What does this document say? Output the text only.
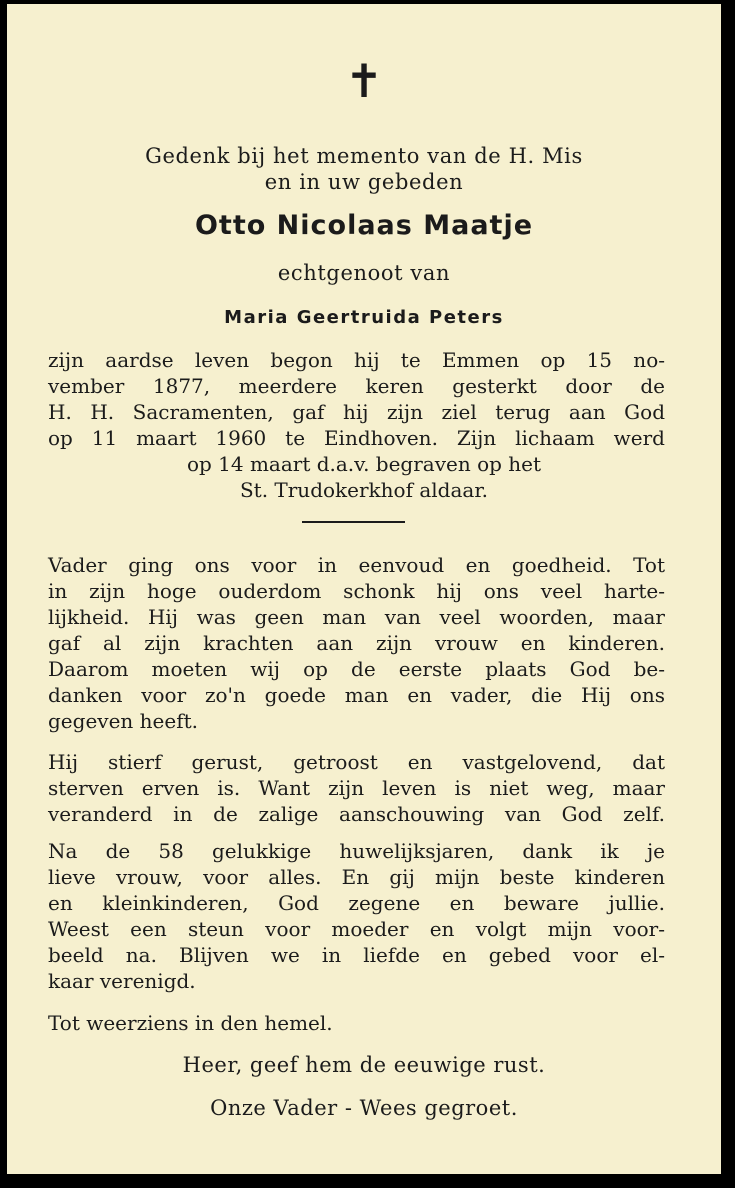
✝
Gedenk bij het memento van de H. Mis
en in uw gebeden
Otto Nicolaas Maatje
echtgenoot van
Maria Geertruida Peters
zijn aardse leven begon hij te Emmen op 15 no-
vember 1877, meerdere keren gesterkt door de
H. H. Sacramenten, gaf hij zijn ziel terug aan God
op 11 maart 1960 te Eindhoven. Zijn lichaam werd
op 14 maart d.a.v. begraven op het
St. Trudokerkhof aldaar.
Vader ging ons voor in eenvoud en goedheid. Tot
in zijn hoge ouderdom schonk hij ons veel harte-
lijkheid. Hij was geen man van veel woorden, maar
gaf al zijn krachten aan zijn vrouw en kinderen.
Daarom moeten wij op de eerste plaats God be-
danken voor zo'n goede man en vader, die Hij ons
gegeven heeft.
Hij stierf gerust, getroost en vastgelovend, dat
sterven erven is. Want zijn leven is niet weg, maar
veranderd in de zalige aanschouwing van God zelf.
Na de 58 gelukkige huwelijksjaren, dank ik je
lieve vrouw, voor alles. En gij mijn beste kinderen
en kleinkinderen, God zegene en beware jullie.
Weest een steun voor moeder en volgt mijn voor-
beeld na. Blijven we in liefde en gebed voor el-
kaar verenigd.
Tot weerziens in den hemel.
Heer, geef hem de eeuwige rust.
Onze Vader - Wees gegroet.
